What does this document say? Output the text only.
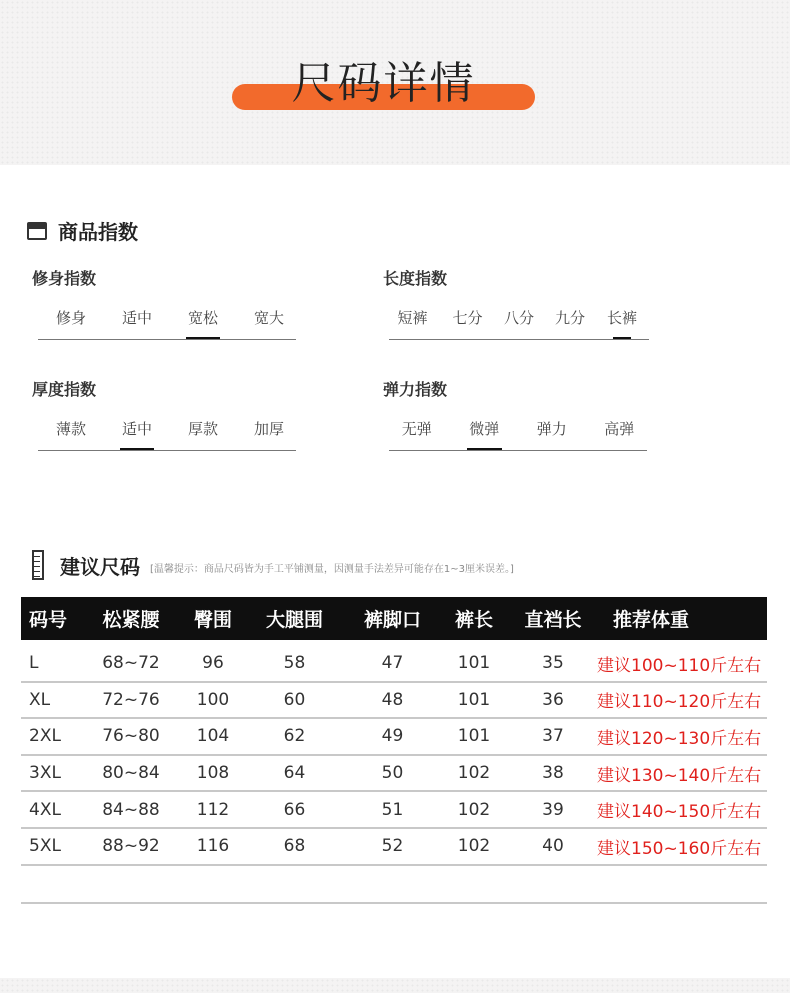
尺码详情
商品指数
修身指数
修身	适中	宽松	宽大
长度指数
短裤	七分	八分	九分	长裤
厚度指数
薄款	适中	厚款	加厚
弹力指数
无弹	微弹	弹力	高弹
建议尺码 [温馨提示：商品尺码皆为手工平铺测量，因测量手法差异可能存在1~3厘米误差。]
码号	松紧腰	臀围	大腿围	裤脚口	裤长	直裆长	推荐体重
L	68~72	96	58	47	101	35	建议100~110斤左右
XL	72~76	100	60	48	101	36	建议110~120斤左右
2XL	76~80	104	62	49	101	37	建议120~130斤左右
3XL	80~84	108	64	50	102	38	建议130~140斤左右
4XL	84~88	112	66	51	102	39	建议140~150斤左右
5XL	88~92	116	68	52	102	40	建议150~160斤左右
